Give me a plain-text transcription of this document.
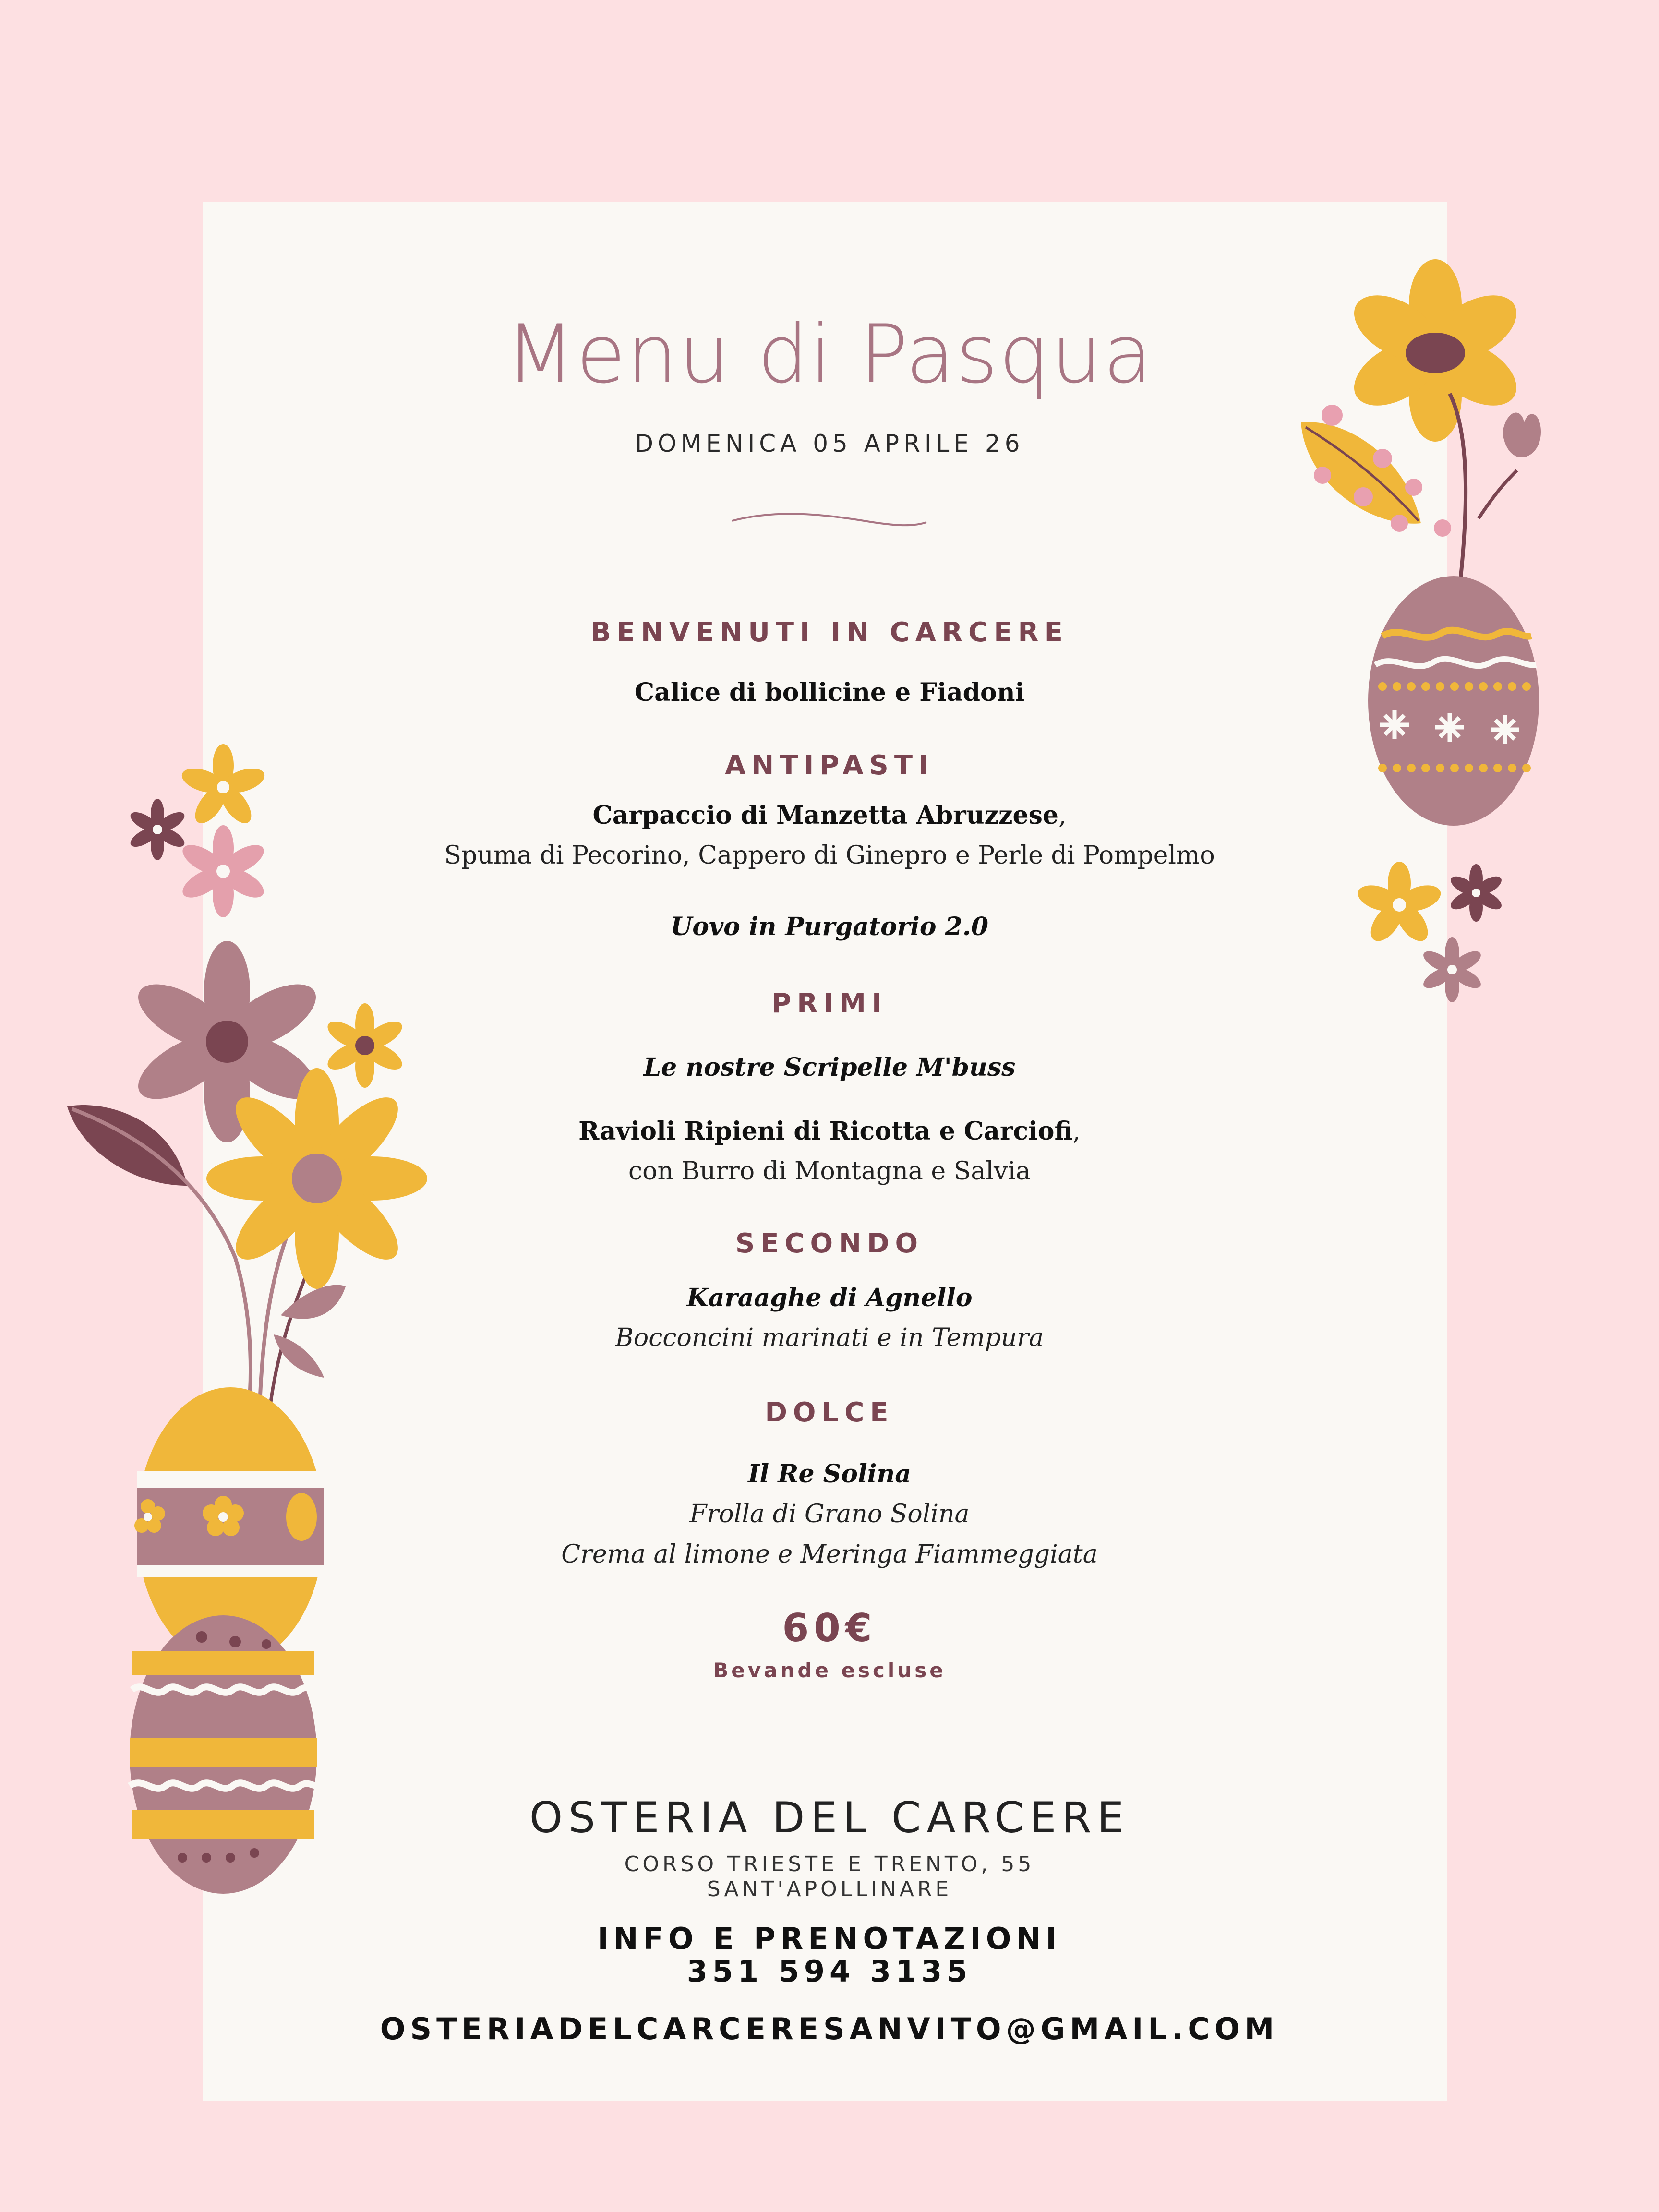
Menu di Pasqua
DOMENICA 05 APRILE 26
BENVENUTI IN CARCERE
Calice di bollicine e Fiadoni
ANTIPASTI
Carpaccio di Manzetta Abruzzese,
Spuma di Pecorino, Cappero di Ginepro e Perle di Pompelmo
Uovo in Purgatorio 2.0
PRIMI
Le nostre Scripelle M'buss
Ravioli Ripieni di Ricotta e Carciofi,
con Burro di Montagna e Salvia
SECONDO
Karaaghe di Agnello
Bocconcini marinati e in Tempura
DOLCE
Il Re Solina
Frolla di Grano Solina
Crema al limone e Meringa Fiammeggiata
60€
Bevande escluse
OSTERIA DEL CARCERE
CORSO TRIESTE E TRENTO, 55
SANT'APOLLINARE
INFO E PRENOTAZIONI
351 594 3135
OSTERIADELCARCERESANVITO@GMAIL.COM
